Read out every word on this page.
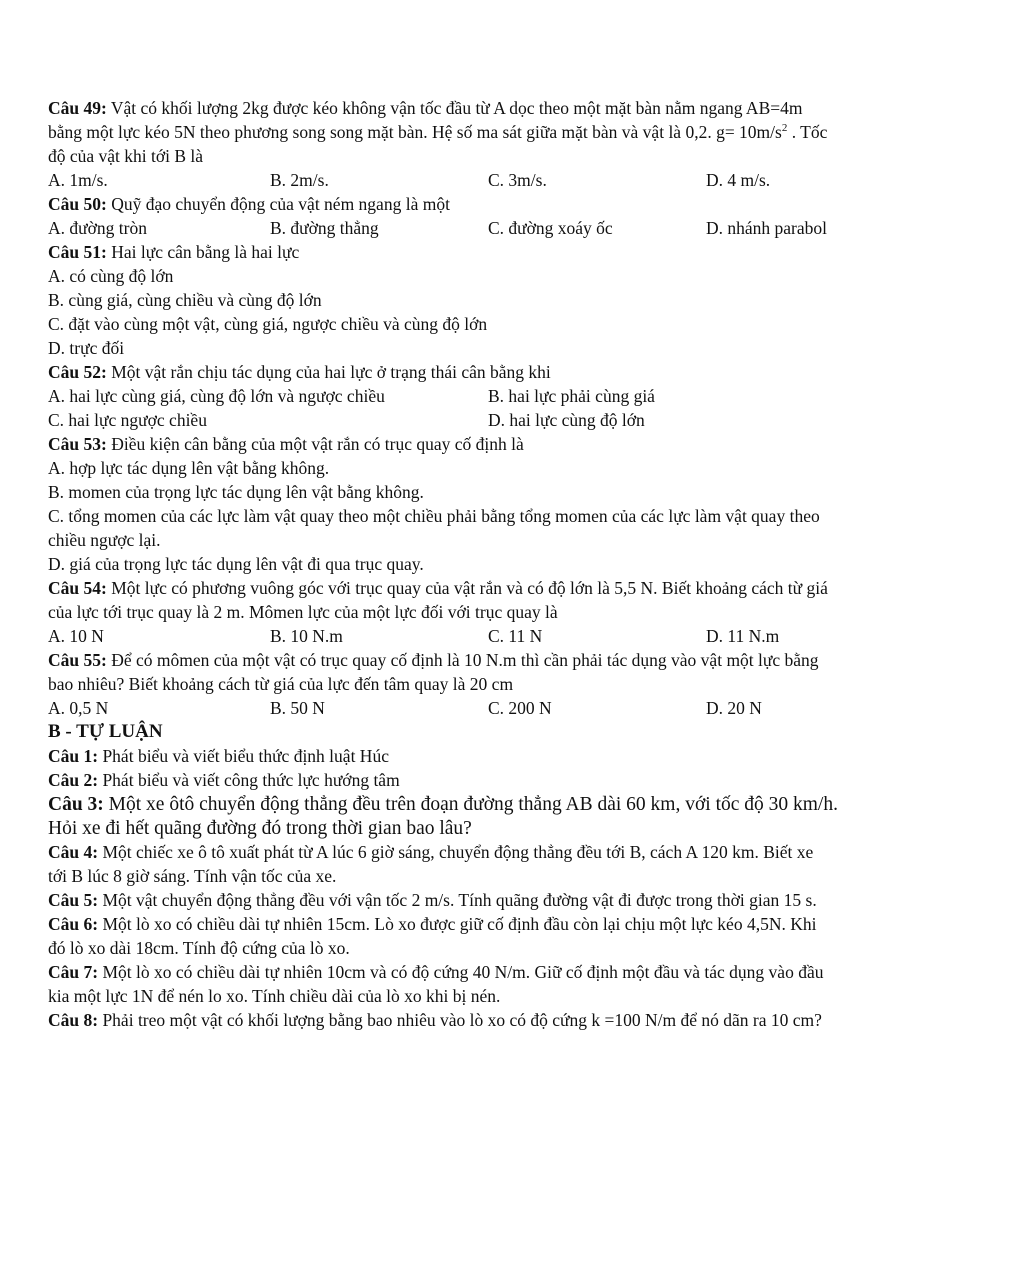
Câu 49: Vật có khối lượng 2kg được kéo không vận tốc đầu từ A dọc theo một mặt bàn nằm ngang AB=4m
bằng một lực kéo 5N theo phương song song mặt bàn. Hệ số ma sát giữa mặt bàn và vật là 0,2. $g= 10m/s^2$ . Tốc
độ của vật khi tới B là
A. 1m/s.	B. 2m/s.	C. 3m/s.	D. 4 m/s.
Câu 50: Quỹ đạo chuyển động của vật ném ngang là một
A. đường tròn	B. đường thẳng	C. đường xoáy ốc	D. nhánh parabol
Câu 51: Hai lực cân bằng là hai lực
A. có cùng độ lớn
B. cùng giá, cùng chiều và cùng độ lớn
C. đặt vào cùng một vật, cùng giá, ngược chiều và cùng độ lớn
D. trực đối
Câu 52: Một vật rắn chịu tác dụng của hai lực ở trạng thái cân bằng khi
A. hai lực cùng giá, cùng độ lớn và ngược chiều	B. hai lực phải cùng giá
C. hai lực ngược chiều	D. hai lực cùng độ lớn
Câu 53: Điều kiện cân bằng của một vật rắn có trục quay cố định là
A. hợp lực tác dụng lên vật bằng không.
B. momen của trọng lực tác dụng lên vật bằng không.
C. tổng momen của các lực làm vật quay theo một chiều phải bằng tổng momen của các lực làm vật quay theo
chiều ngược lại.
D. giá của trọng lực tác dụng lên vật đi qua trục quay.
Câu 54: Một lực có phương vuông góc với trục quay của vật rắn và có độ lớn là 5,5 N. Biết khoảng cách từ giá
của lực tới trục quay là 2 m. Mômen lực của một lực đối với trục quay là
A. 10 N	B. 10 N.m	C. 11 N	D. 11 N.m
Câu 55: Để có mômen của một vật có trục quay cố định là 10 N.m thì cần phải tác dụng vào vật một lực bằng
bao nhiêu? Biết khoảng cách từ giá của lực đến tâm quay là 20 cm
A. 0,5 N	B. 50 N	C. 200 N	D. 20 N
B - TỰ LUẬN
Câu 1: Phát biểu và viết biểu thức định luật Húc
Câu 2: Phát biểu và viết công thức lực hướng tâm
Câu 3: Một xe ôtô chuyển động thẳng đều trên đoạn đường thẳng AB dài 60 km, với tốc độ 30 km/h.
Hỏi xe đi hết quãng đường đó trong thời gian bao lâu?
Câu 4: Một chiếc xe ô tô xuất phát từ A lúc 6 giờ sáng, chuyển động thẳng đều tới B, cách A 120 km. Biết xe
tới B lúc 8 giờ sáng. Tính vận tốc của xe.
Câu 5: Một vật chuyển động thẳng đều với vận tốc 2 m/s. Tính quãng đường vật đi được trong thời gian 15 s.
Câu 6: Một lò xo có chiều dài tự nhiên 15cm. Lò xo được giữ cố định đầu còn lại chịu một lực kéo 4,5N. Khi
đó lò xo dài 18cm. Tính độ cứng của lò xo.
Câu 7: Một lò xo có chiều dài tự nhiên 10cm và có độ cứng 40 N/m. Giữ cố định một đầu và tác dụng vào đầu
kia một lực 1N để nén lo xo. Tính chiều dài của lò xo khi bị nén.
Câu 8: Phải treo một vật có khối lượng bằng bao nhiêu vào lò xo có độ cứng k =100 N/m để nó dãn ra 10 cm?
